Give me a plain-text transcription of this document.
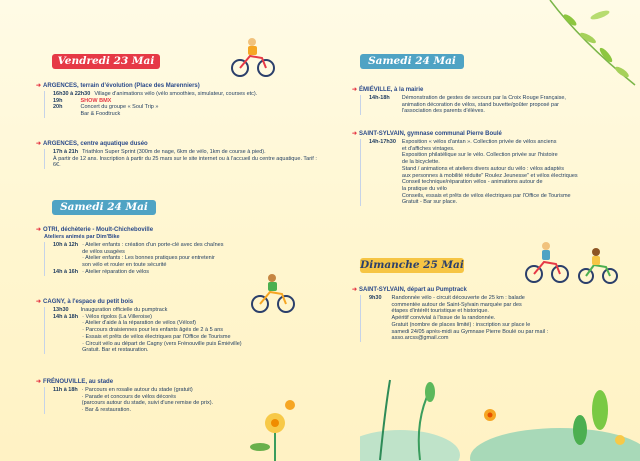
Vendredi 23 Mai
➜ ARGENCES, terrain d’évolution (Place des Marenniers)
16h30 à 22h30 Village d'animations vélo (vélo smoothies, simulateur, courses etc).
19h	SHOW BMX
20h	Concert du groupe « Soul Trip »
Bar & Foodtruck
➜ ARGENCES, centre aquatique duséo
17h à 21h Triathlon Super Sprint (300m de nage, 6km de vélo, 1km de course à pied).
À partir de 12 ans. Inscription à partir du 25 mars sur le site internet ou à l'accueil du centre aquatique. Tarif : 6€.
Samedi 24 Mai
➜ OTRI, déchèterie - Moult-Chicheboville
Ateliers animés par Dim'Bike
10h à 12h · Atelier enfants : création d'un porte-clé avec des chaînes
de vélos usagées
· Atelier enfants : Les bonnes pratiques pour entretenir
son vélo et rouler en toute sécurité
14h à 16h · Atelier réparation de vélos
➜ CAGNY, à l'espace du petit bois
13h30 Inauguration officielle du pumptrack
14h à 18h · Vélos rigolos (La Villeroise)
· Atelier d'aide à la réparation de vélos (Vélosf)
· Parcours draisiennes pour les enfants âgés de 2 à 5 ans
· Essais et prêts de vélos électriques par l'Office de Tourisme
· Circuit vélo au départ de Cagny (vers Frénouville puis Émiéville)
Gratuit. Bar et restauration.
➜ FRÉNOUVILLE, au stade
11h à 18h · Parcours en rosalie autour du stade (gratuit)
· Parade et concours de vélos décorés
(parcours autour du stade, suivi d'une remise de prix).
· Bar & restauration.
Samedi 24 Mai
➜ ÉMIÉVILLE, à la mairie
14h-18h Démonstration de gestes de secours par la Croix Rouge Française,
animation décoration de vélos, stand buvette/goûter proposé par
l'association des parents d'élèves.
➜ SAINT-SYLVAIN, gymnase communal Pierre Boulé
14h-17h30 Exposition « vélos d'antan ». Collection privée de vélos anciens
et d'affiches vintages.
Exposition philatélique sur le vélo. Collection privée sur l'histoire
de la bicyclette.
Stand / animations et ateliers divers autour du vélo : vélos adaptés
aux personnes à mobilité réduite" Roulez Jeunesse" et vélos électriques
Conseil technique/réparation vélos - animations autour de
la pratique du vélo
Conseils, essais et prêts de vélos électriques par l'Office de Tourisme
Gratuit - Bar sur place.
Dimanche 25 Mai
➜ SAINT-SYLVAIN, départ au Pumptrack
9h30 Randonnée vélo - circuit découverte de 25 km : balade
commentée autour de Saint-Sylvain marquée par des
étapes d'intérêt touristique et historique.
Apéritif convivial à l'issue de la randonnée.
Gratuit (nombre de places limité) : inscription sur place le
samedi 24/05 après-midi au Gymnase Pierre Boulé ou par mail :
asso.arcss@gmail.com
